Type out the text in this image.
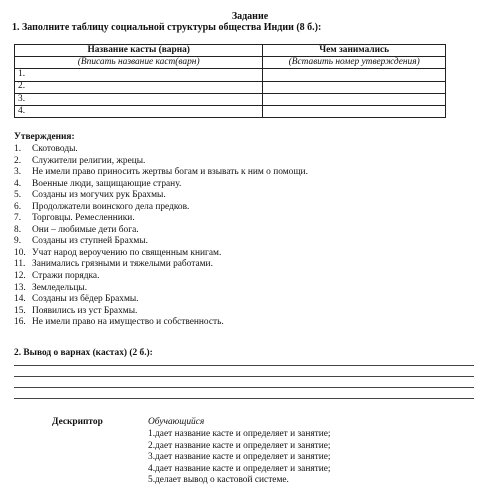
Задание
1. Заполните таблицу социальной структуры общества Индии (8 б.):
Название касты (варна)	Чем занимались
(Вписать название каст(варн)	(Вставить номер утверждения)
1.	
2.	
3.	
4.	
Утверждения:
1. Скотоводы.
2. Служители религии, жрецы.
3. Не имели право приносить жертвы богам и взывать к ним о помощи.
4. Военные люди, защищающие страну.
5. Созданы из могучих рук Брахмы.
6. Продолжатели воинского дела предков.
7. Торговцы. Ремесленники.
8. Они – любимые дети бога.
9. Созданы из ступней Брахмы.
10. Учат народ вероучению по священным книгам.
11. Занимались грязными и тяжелыми работами.
12. Стражи порядка.
13. Земледельцы.
14. Созданы из бёдер Брахмы.
15. Появились из уст Брахмы.
16. Не имели право на имущество и собственность.
2. Вывод о варнах (кастах) (2 б.):
Дескриптор	Обучающийся
1.дает название касте и определяет и занятие;
2.дает название касте и определяет и занятие;
3.дает название касте и определяет и занятие;
4.дает название касте и определяет и занятие;
5.делает вывод о кастовой системе.
